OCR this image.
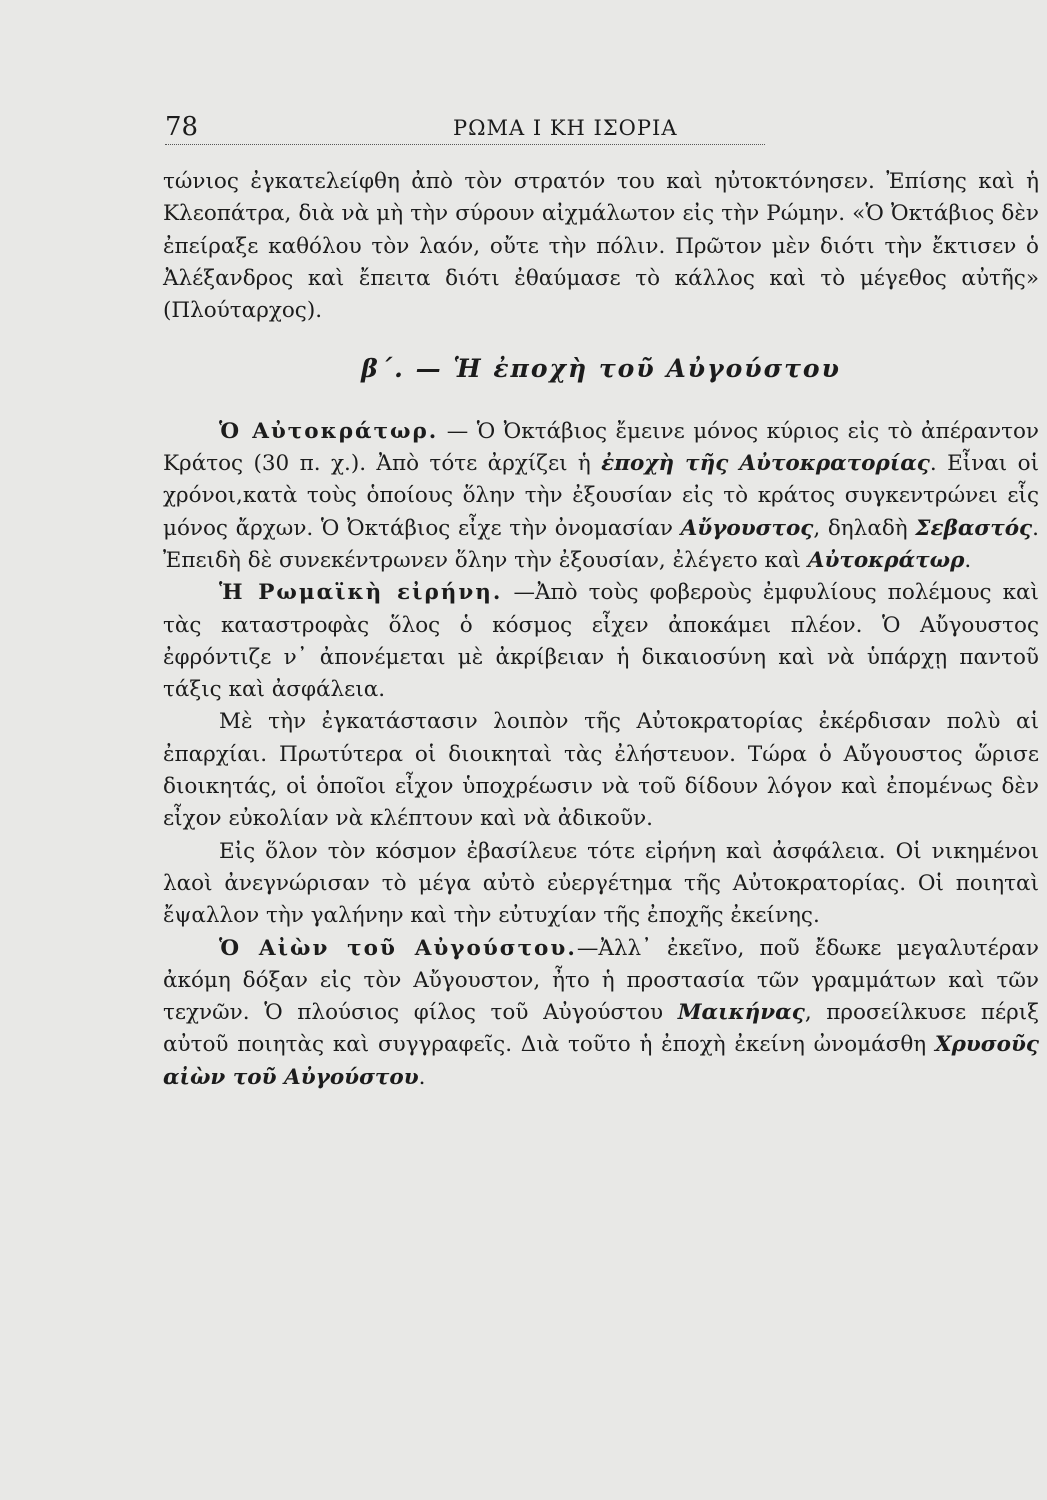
78	ΡΩΜΑ Ι ΚΗ ΙΣΟΡΙΑ

τώνιος ἐγκατελείφθη ἀπὸ τὸν στρατόν του καὶ ηὐτοκτόνησεν. Ἐπίσης καὶ ἡ Κλεοπάτρα, διὰ νὰ μὴ τὴν σύρουν αἰχμάλωτον εἰς τὴν Ρώμην. «Ὁ Ὀκτάβιος δὲν ἐπείραξε καθόλου τὸν λαόν, οὔτε τὴν πόλιν. Πρῶτον μὲν διότι τὴν ἔκτισεν ὁ Ἀλέξανδρος καὶ ἔπειτα διότι ἐθαύμασε τὸ κάλλος καὶ τὸ μέγεθος αὐτῆς» (Πλούταρχος).

β΄. — Ἡ ἐποχὴ τοῦ Αὐγούστου

Ὁ Αὐτοκράτωρ. — Ὁ Ὀκτάβιος ἔμεινε μόνος κύριος εἰς τὸ ἀπέραντον Κράτος (30 π. χ.). Ἀπὸ τότε ἀρχίζει ἡ ἐποχὴ τῆς Αὐτοκρατορίας. Εἶναι οἱ χρόνοι,κατὰ τοὺς ὁποίους ὅλην τὴν ἐξουσίαν εἰς τὸ κράτος συγκεντρώνει εἷς μόνος ἄρχων. Ὁ Ὀκτάβιος εἶχε τὴν ὀνομασίαν Αὔγουστος, δηλαδὴ Σεβαστός. Ἐπειδὴ δὲ συνεκέντρωνεν ὅλην τὴν ἐξουσίαν, ἐλέγετο καὶ Αὐτοκράτωρ.

Ἡ Ρωμαϊκὴ εἰρήνη. —Ἀπὸ τοὺς φοβεροὺς ἐμφυλίους πολέμους καὶ τὰς καταστροφὰς ὅλος ὁ κόσμος εἶχεν ἀποκάμει πλέον. Ὁ Αὔγουστος ἐφρόντιζε ν᾽ ἀπονέμεται μὲ ἀκρίβειαν ἡ δικαιοσύνη καὶ νὰ ὑπάρχῃ παντοῦ τάξις καὶ ἀσφάλεια.

Μὲ τὴν ἐγκατάστασιν λοιπὸν τῆς Αὐτοκρατορίας ἐκέρδισαν πολὺ αἱ ἐπαρχίαι. Πρωτύτερα οἱ διοικηταὶ τὰς ἐλήστευον. Τώρα ὁ Αὔγουστος ὥρισε διοικητάς, οἱ ὁποῖοι εἶχον ὑποχρέωσιν νὰ τοῦ δίδουν λόγον καὶ ἐπομένως δὲν εἶχον εὐκολίαν νὰ κλέπτουν καὶ νὰ ἀδικοῦν.

Εἰς ὅλον τὸν κόσμον ἐβασίλευε τότε εἰρήνη καὶ ἀσφάλεια. Οἱ νικημένοι λαοὶ ἀνεγνώρισαν τὸ μέγα αὐτὸ εὐεργέτημα τῆς Αὐτοκρατορίας. Οἱ ποιηταὶ ἔψαλλον τὴν γαλήνην καὶ τὴν εὐτυχίαν τῆς ἐποχῆς ἐκείνης.

Ὁ Αἰὼν τοῦ Αὐγούστου.—Ἀλλ᾽ ἐκεῖνο, ποῦ ἔδωκε μεγαλυτέραν ἀκόμη δόξαν εἰς τὸν Αὔγουστον, ἦτο ἡ προστασία τῶν γραμμάτων καὶ τῶν τεχνῶν. Ὁ πλούσιος φίλος τοῦ Αὐγούστου Μαικήνας, προσείλκυσε πέριξ αὐτοῦ ποιητὰς καὶ συγγραφεῖς. Διὰ τοῦτο ἡ ἐποχὴ ἐκείνη ὠνομάσθη Χρυσοῦς αἰὼν τοῦ Αὐγούστου.
